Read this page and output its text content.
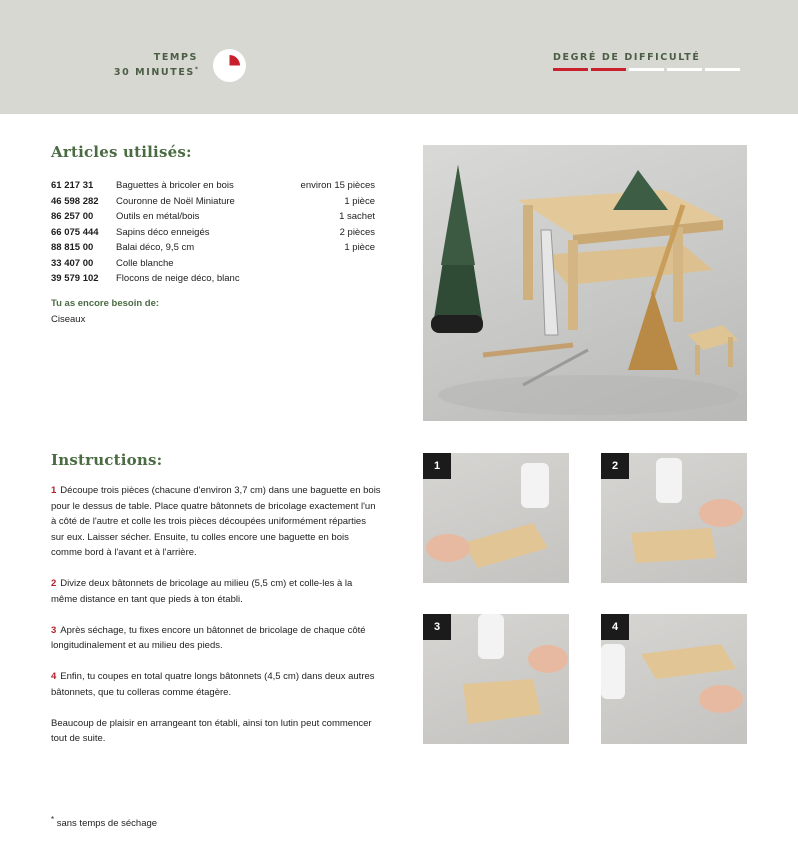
TEMPS
30 MINUTES*
DEGRÉ DE DIFFICULTÉ
Articles utilisés:
61 217 31	Baguettes à bricoler en bois	environ 15 pièces
46 598 282	Couronne de Noël Miniature	1 pièce
86 257 00	Outils en métal/bois	1 sachet
66 075 444	Sapins déco enneigés	2 pièces
88 815 00	Balai déco, 9,5 cm	1 pièce
33 407 00	Colle blanche
39 579 102	Flocons de neige déco, blanc
Tu as encore besoin de:
Ciseaux
Instructions:

1 Découpe trois pièces (chacune d'environ 3,7 cm) dans une baguette en bois pour le dessus de table. Place quatre bâtonnets de bricolage exactement l'un à côté de l'autre et colle les trois pièces découpées uniformément réparties sur eux. Laisser sécher. Ensuite, tu colles encore une baguette en bois comme bord à l'avant et à l'arrière.

2 Divize deux bâtonnets de bricolage au milieu (5,5 cm) et colle-les à la même distance en tant que pieds à ton établi.

3 Après séchage, tu fixes encore un bâtonnet de bricolage de chaque côté longitudinalement et au milieu des pieds.

4 Enfin, tu coupes en total quatre longs bâtonnets (4,5 cm) dans deux autres bâtonnets, que tu colleras comme étagère.

Beaucoup de plaisir en arrangeant ton établi, ainsi ton lutin peut commencer tout de suite.

1	2
3	4
* sans temps de séchage
